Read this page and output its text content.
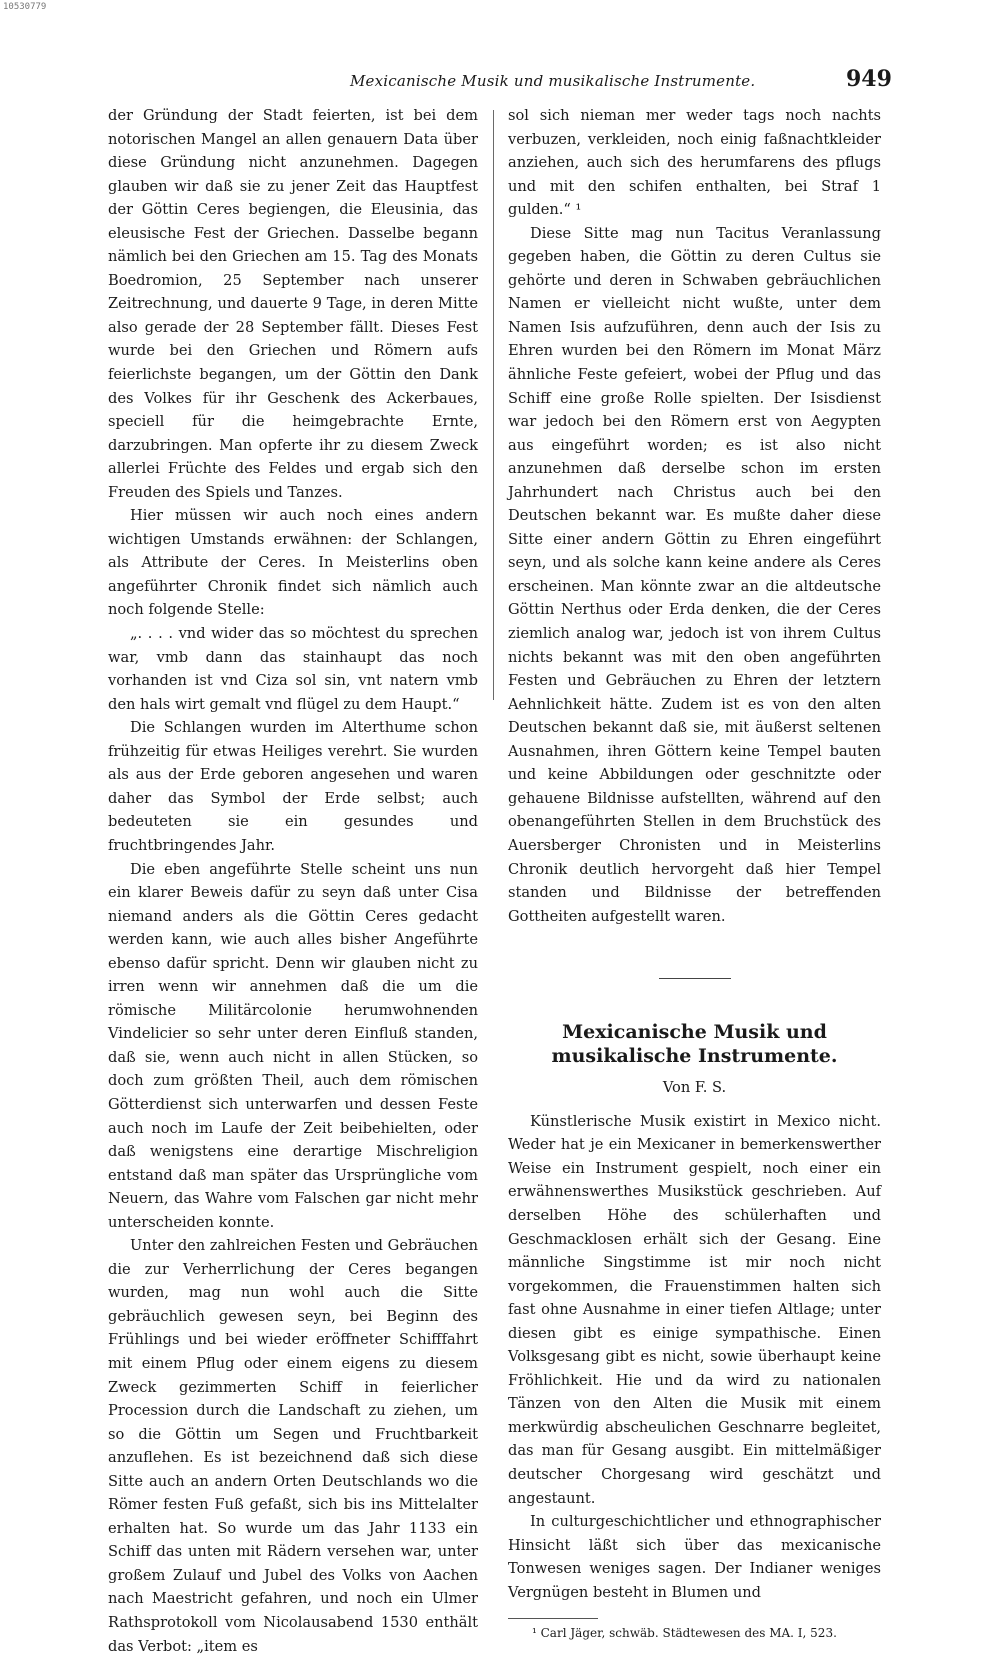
10530779
Mexicanische Musik und musikalische Instrumente.	949

der Gründung der Stadt feierten, ist bei dem notorischen Mangel an allen genauern Data über diese Gründung nicht anzunehmen. Dagegen glauben wir daß sie zu jener Zeit das Hauptfest der Göttin Ceres begiengen, die Eleusinia, das eleusische Fest der Griechen. Dasselbe begann nämlich bei den Griechen am 15. Tag des Monats Boedromion, 25 September nach unserer Zeitrechnung, und dauerte 9 Tage, in deren Mitte also gerade der 28 September fällt. Dieses Fest wurde bei den Griechen und Römern aufs feierlichste begangen, um der Göttin den Dank des Volkes für ihr Geschenk des Ackerbaues, speciell für die heimgebrachte Ernte, darzubringen. Man opferte ihr zu diesem Zweck allerlei Früchte des Feldes und ergab sich den Freuden des Spiels und Tanzes.

Hier müssen wir auch noch eines andern wichtigen Umstands erwähnen: der Schlangen, als Attribute der Ceres. In Meisterlins oben angeführter Chronik findet sich nämlich auch noch folgende Stelle:

„. . . . vnd wider das so möchtest du sprechen war, vmb dann das stainhaupt das noch vorhanden ist vnd Ciza sol sin, vnt natern vmb den hals wirt gemalt vnd flügel zu dem Haupt.“

Die Schlangen wurden im Alterthume schon frühzeitig für etwas Heiliges verehrt. Sie wurden als aus der Erde geboren angesehen und waren daher das Symbol der Erde selbst; auch bedeuteten sie ein gesundes und fruchtbringendes Jahr.

Die eben angeführte Stelle scheint uns nun ein klarer Beweis dafür zu seyn daß unter Cisa niemand anders als die Göttin Ceres gedacht werden kann, wie auch alles bisher Angeführte ebenso dafür spricht. Denn wir glauben nicht zu irren wenn wir annehmen daß die um die römische Militärcolonie herumwohnenden Vindelicier so sehr unter deren Einfluß standen, daß sie, wenn auch nicht in allen Stücken, so doch zum größten Theil, auch dem römischen Götterdienst sich unterwarfen und dessen Feste auch noch im Laufe der Zeit beibehielten, oder daß wenigstens eine derartige Mischreligion entstand daß man später das Ursprüngliche vom Neuern, das Wahre vom Falschen gar nicht mehr unterscheiden konnte.

Unter den zahlreichen Festen und Gebräuchen die zur Verherrlichung der Ceres begangen wurden, mag nun wohl auch die Sitte gebräuchlich gewesen seyn, bei Beginn des Frühlings und bei wieder eröffneter Schifffahrt mit einem Pflug oder einem eigens zu diesem Zweck gezimmerten Schiff in feierlicher Procession durch die Landschaft zu ziehen, um so die Göttin um Segen und Fruchtbarkeit anzuflehen. Es ist bezeichnend daß sich diese Sitte auch an andern Orten Deutschlands wo die Römer festen Fuß gefaßt, sich bis ins Mittelalter erhalten hat. So wurde um das Jahr 1133 ein Schiff das unten mit Rädern versehen war, unter großem Zulauf und Jubel des Volks von Aachen nach Maestricht gefahren, und noch ein Ulmer Rathsprotokoll vom Nicolausabend 1530 enthält das Verbot: „item es

sol sich nieman mer weder tags noch nachts verbuzen, verkleiden, noch einig faßnachtkleider anziehen, auch sich des herumfarens des pflugs und mit den schifen enthalten, bei Straf 1 gulden.“ ¹

Diese Sitte mag nun Tacitus Veranlassung gegeben haben, die Göttin zu deren Cultus sie gehörte und deren in Schwaben gebräuchlichen Namen er vielleicht nicht wußte, unter dem Namen Isis aufzuführen, denn auch der Isis zu Ehren wurden bei den Römern im Monat März ähnliche Feste gefeiert, wobei der Pflug und das Schiff eine große Rolle spielten. Der Isisdienst war jedoch bei den Römern erst von Aegypten aus eingeführt worden; es ist also nicht anzunehmen daß derselbe schon im ersten Jahrhundert nach Christus auch bei den Deutschen bekannt war. Es mußte daher diese Sitte einer andern Göttin zu Ehren eingeführt seyn, und als solche kann keine andere als Ceres erscheinen. Man könnte zwar an die altdeutsche Göttin Nerthus oder Erda denken, die der Ceres ziemlich analog war, jedoch ist von ihrem Cultus nichts bekannt was mit den oben angeführten Festen und Gebräuchen zu Ehren der letztern Aehnlichkeit hätte. Zudem ist es von den alten Deutschen bekannt daß sie, mit äußerst seltenen Ausnahmen, ihren Göttern keine Tempel bauten und keine Abbildungen oder geschnitzte oder gehauene Bildnisse aufstellten, während auf den obenangeführten Stellen in dem Bruchstück des Auersberger Chronisten und in Meisterlins Chronik deutlich hervorgeht daß hier Tempel standen und Bildnisse der betreffenden Gottheiten aufgestellt waren.

Mexicanische Musik und musikalische Instrumente.
Von F. S.

Künstlerische Musik existirt in Mexico nicht. Weder hat je ein Mexicaner in bemerkenswerther Weise ein Instrument gespielt, noch einer ein erwähnenswerthes Musikstück geschrieben. Auf derselben Höhe des schülerhaften und Geschmacklosen erhält sich der Gesang. Eine männliche Singstimme ist mir noch nicht vorgekommen, die Frauenstimmen halten sich fast ohne Ausnahme in einer tiefen Altlage; unter diesen gibt es einige sympathische. Einen Volksgesang gibt es nicht, sowie überhaupt keine Fröhlichkeit. Hie und da wird zu nationalen Tänzen von den Alten die Musik mit einem merkwürdig abscheulichen Geschnarre begleitet, das man für Gesang ausgibt. Ein mittelmäßiger deutscher Chorgesang wird geschätzt und angestaunt.

In culturgeschichtlicher und ethnographischer Hinsicht läßt sich über das mexicanische Tonwesen weniges sagen. Der Indianer weniges Vergnügen besteht in Blumen und

¹ Carl Jäger, schwäb. Städtewesen des MA. I, 523.
